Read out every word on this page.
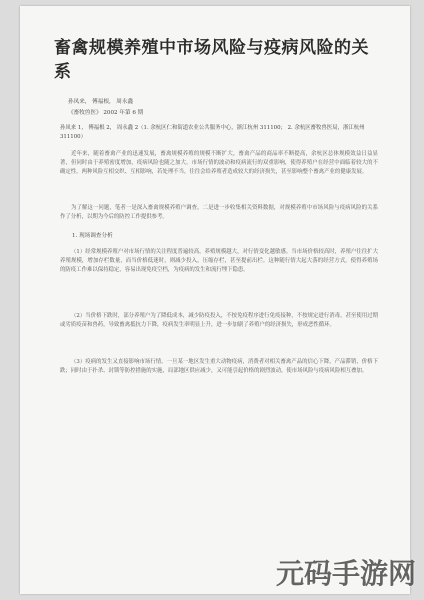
畜禽规模养殖中市场风险与疫病风险的关系
孙凤来， 傅福根， 周永鑫
《畜牧兽医》 2002 年第 6 期
孙凤来 1， 傅福根 2， 周永鑫 2（1. 余杭区仁和街道农业公共服务中心，浙江杭州 311100； 2. 余杭区畜牧兽医局，浙江杭州 311100）

近年来，随着畜禽产业的迅速发展，畜禽规模养殖的规模不断扩大，畜禽产品的商品率不断提高，余杭区总体规模效益日益显著，但同时由于养殖密度增加，疫病风险也随之加大。市场行情的波动和疫病流行的双重影响，使得养殖户在经营中面临着较大的不确定性。两种风险互相交织、互相影响，若处理不当，往往会给养殖者造成较大的经济损失，甚至影响整个畜禽产业的健康发展。

为了解这一问题，笔者一是深入畜禽规模养殖户调查，二是进一步收集相关资料数据，对规模养殖中市场风险与疫病风险的关系作了分析，以期为今后的防控工作提供参考。

1. 现场调查分析

（1）经常规模养殖户对市场行情的关注程度普遍较高，养殖规模越大，对行情变化越敏感。当市场价格较高时，养殖户往往扩大养殖规模，增加存栏数量，而当价格低迷时，则减少投入，压缩存栏，甚至提前出栏。这种随行情大起大落的经营方式，使得养殖场的防疫工作难以保持稳定，容易出现免疫空档，为疫病的发生和流行埋下隐患。

（2）当价格下跌时，部分养殖户为了降低成本，减少防疫投入，不按免疫程序进行免疫接种，不按规定进行消毒，甚至使用过期或劣质疫苗和兽药，导致畜禽抵抗力下降，疫病发生率明显上升，进一步加剧了养殖户的经济损失，形成恶性循环。

（3）疫病的发生又直接影响市场行情。一旦某一地区发生重大动物疫病，消费者对相关畜禽产品的信心下降，产品滞销，价格下跌；同时由于扑杀、封锁等防控措施的实施，局部地区供应减少，又可能引起价格的剧烈波动，使市场风险与疫病风险相互叠加。

元码手游网
